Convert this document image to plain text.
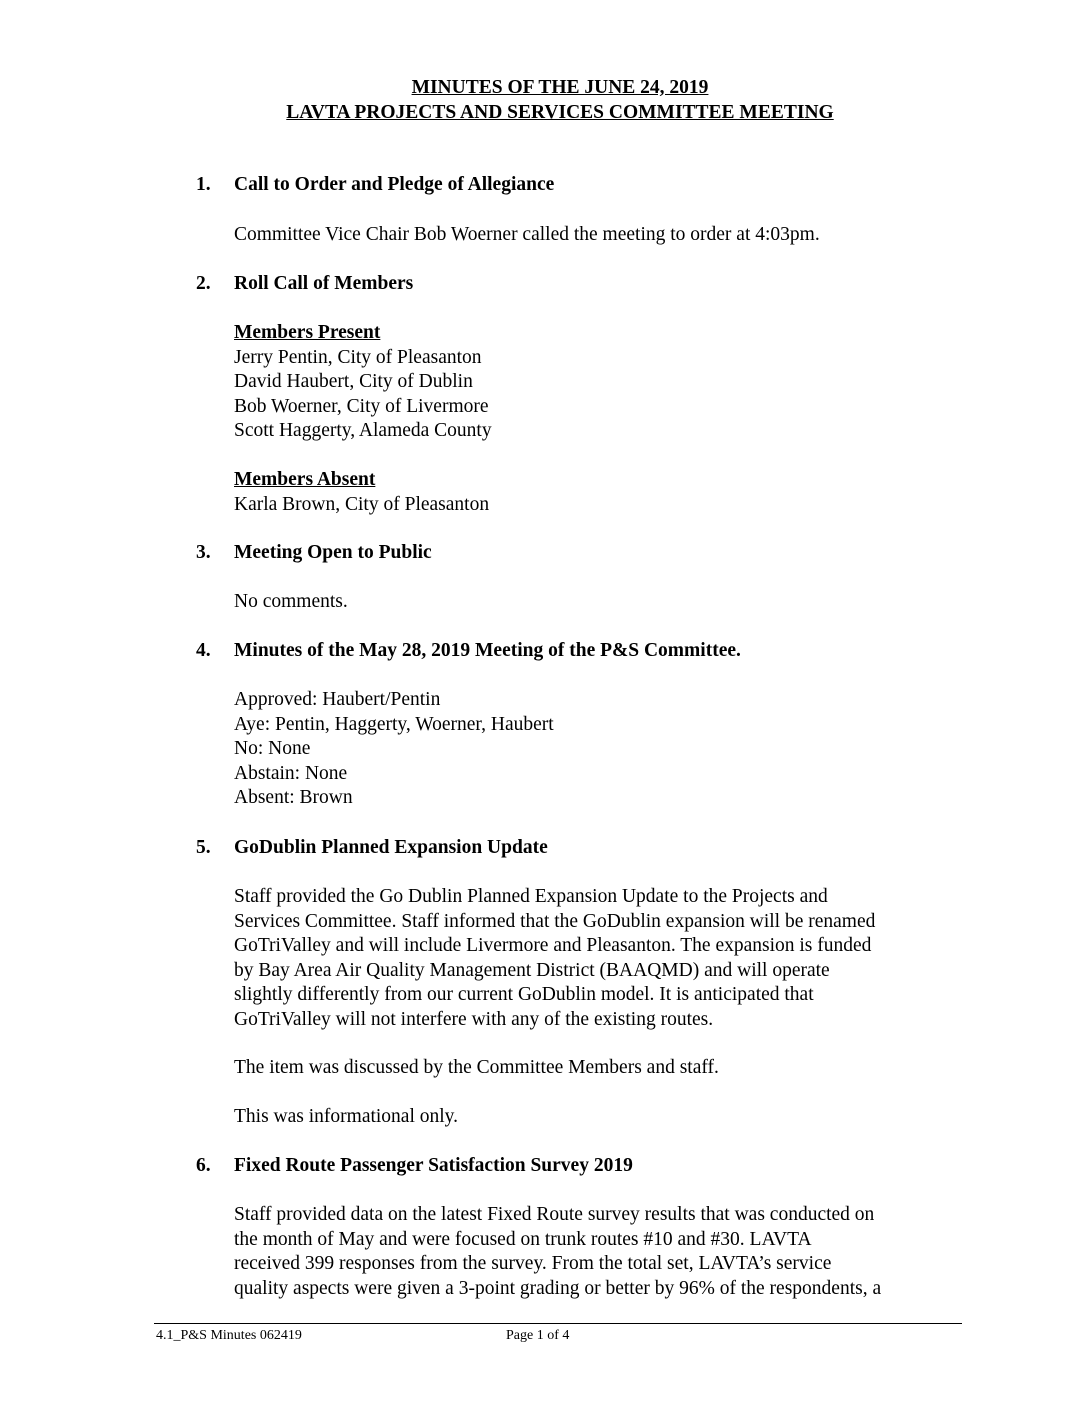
MINUTES OF THE JUNE 24, 2019
LAVTA PROJECTS AND SERVICES COMMITTEE MEETING
1. Call to Order and Pledge of Allegiance
Committee Vice Chair Bob Woerner called the meeting to order at 4:03pm.
2. Roll Call of Members
Members Present
Jerry Pentin, City of Pleasanton
David Haubert, City of Dublin
Bob Woerner, City of Livermore
Scott Haggerty, Alameda County
Members Absent
Karla Brown, City of Pleasanton
3. Meeting Open to Public
No comments.
4. Minutes of the May 28, 2019 Meeting of the P&S Committee.
Approved: Haubert/Pentin
Aye: Pentin, Haggerty, Woerner, Haubert
No: None
Abstain: None
Absent: Brown
5. GoDublin Planned Expansion Update
Staff provided the Go Dublin Planned Expansion Update to the Projects and
Services Committee. Staff informed that the GoDublin expansion will be renamed
GoTriValley and will include Livermore and Pleasanton. The expansion is funded
by Bay Area Air Quality Management District (BAAQMD) and will operate
slightly differently from our current GoDublin model. It is anticipated that
GoTriValley will not interfere with any of the existing routes.
The item was discussed by the Committee Members and staff.
This was informational only.
6. Fixed Route Passenger Satisfaction Survey 2019
Staff provided data on the latest Fixed Route survey results that was conducted on
the month of May and were focused on trunk routes #10 and #30. LAVTA
received 399 responses from the survey. From the total set, LAVTA’s service
quality aspects were given a 3-point grading or better by 96% of the respondents, a
4.1_P&S Minutes 062419	Page 1 of 4
